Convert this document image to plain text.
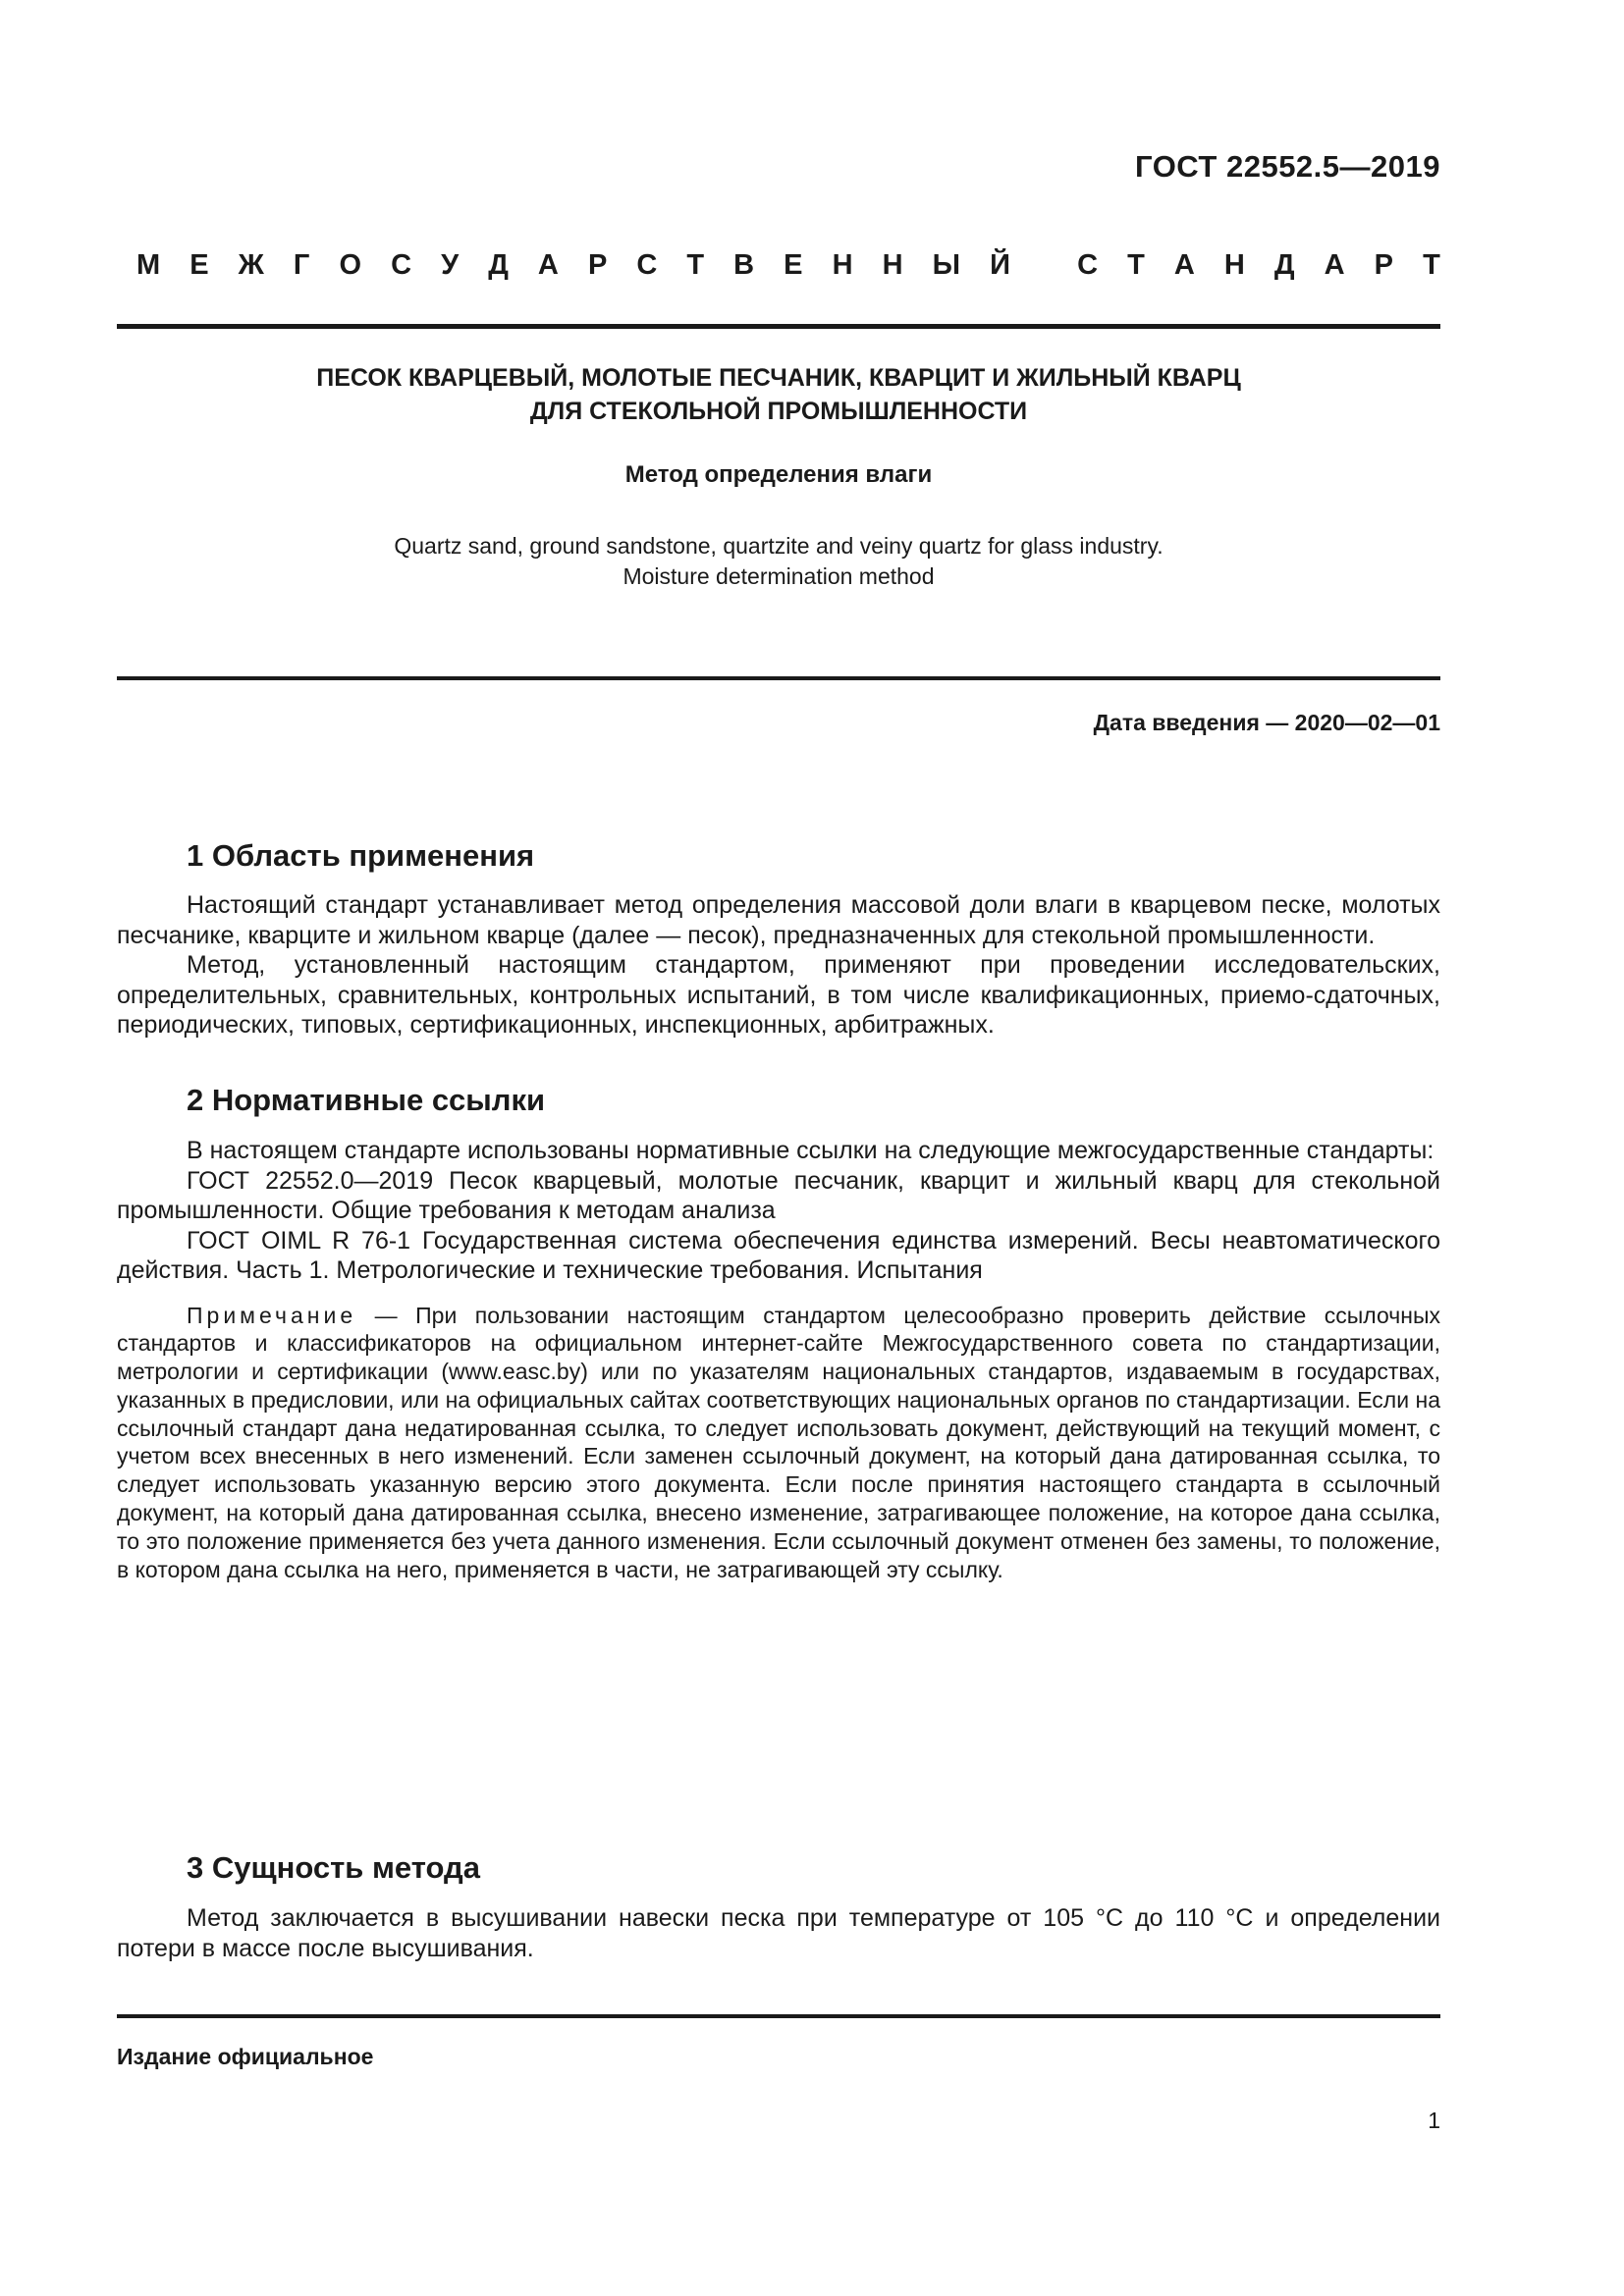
ГОСТ 22552.5—2019
М Е Ж Г О С У Д А Р С Т В Е Н Н Ы Й
С Т А Н Д А Р Т
ПЕСОК КВАРЦЕВЫЙ, МОЛОТЫЕ ПЕСЧАНИК, КВАРЦИТ И ЖИЛЬНЫЙ КВАРЦ
ДЛЯ СТЕКОЛЬНОЙ ПРОМЫШЛЕННОСТИ
Метод определения влаги
Quartz sand, ground sandstone, quartzite and veiny quartz for glass industry.
Moisture determination method
Дата введения — 2020—02—01
1 Область применения

Настоящий стандарт устанавливает метод определения массовой доли влаги в кварцевом песке, молотых песчанике, кварците и жильном кварце (далее — песок), предназначенных для стекольной промышленности.

Метод, установленный настоящим стандартом, применяют при проведении исследовательских, определительных, сравнительных, контрольных испытаний, в том числе квалификационных, приемо-сдаточных, периодических, типовых, сертификационных, инспекционных, арбитражных.

2 Нормативные ссылки

В настоящем стандарте использованы нормативные ссылки на следующие межгосударственные стандарты:

ГОСТ 22552.0—2019 Песок кварцевый, молотые песчаник, кварцит и жильный кварц для стекольной промышленности. Общие требования к методам анализа

ГОСТ OIML R 76-1 Государственная система обеспечения единства измерений. Весы неавтоматического действия. Часть 1. Метрологические и технические требования. Испытания

Примечание — При пользовании настоящим стандартом целесообразно проверить действие ссылочных стандартов и классификаторов на официальном интернет-сайте Межгосударственного совета по стандартизации, метрологии и сертификации (www.easc.by) или по указателям национальных стандартов, издаваемым в государствах, указанных в предисловии, или на официальных сайтах соответствующих национальных органов по стандартизации. Если на ссылочный стандарт дана недатированная ссылка, то следует использовать документ, действующий на текущий момент, с учетом всех внесенных в него изменений. Если заменен ссылочный документ, на который дана датированная ссылка, то следует использовать указанную версию этого документа. Если после принятия настоящего стандарта в ссылочный документ, на который дана датированная ссылка, внесено изменение, затрагивающее положение, на которое дана ссылка, то это положение применяется без учета данного изменения. Если ссылочный документ отменен без замены, то положение, в котором дана ссылка на него, применяется в части, не затрагивающей эту ссылку.

3 Сущность метода

Метод заключается в высушивании навески песка при температуре от 105 °C до 110 °C и определении потери в массе после высушивания.

Издание официальное
1
